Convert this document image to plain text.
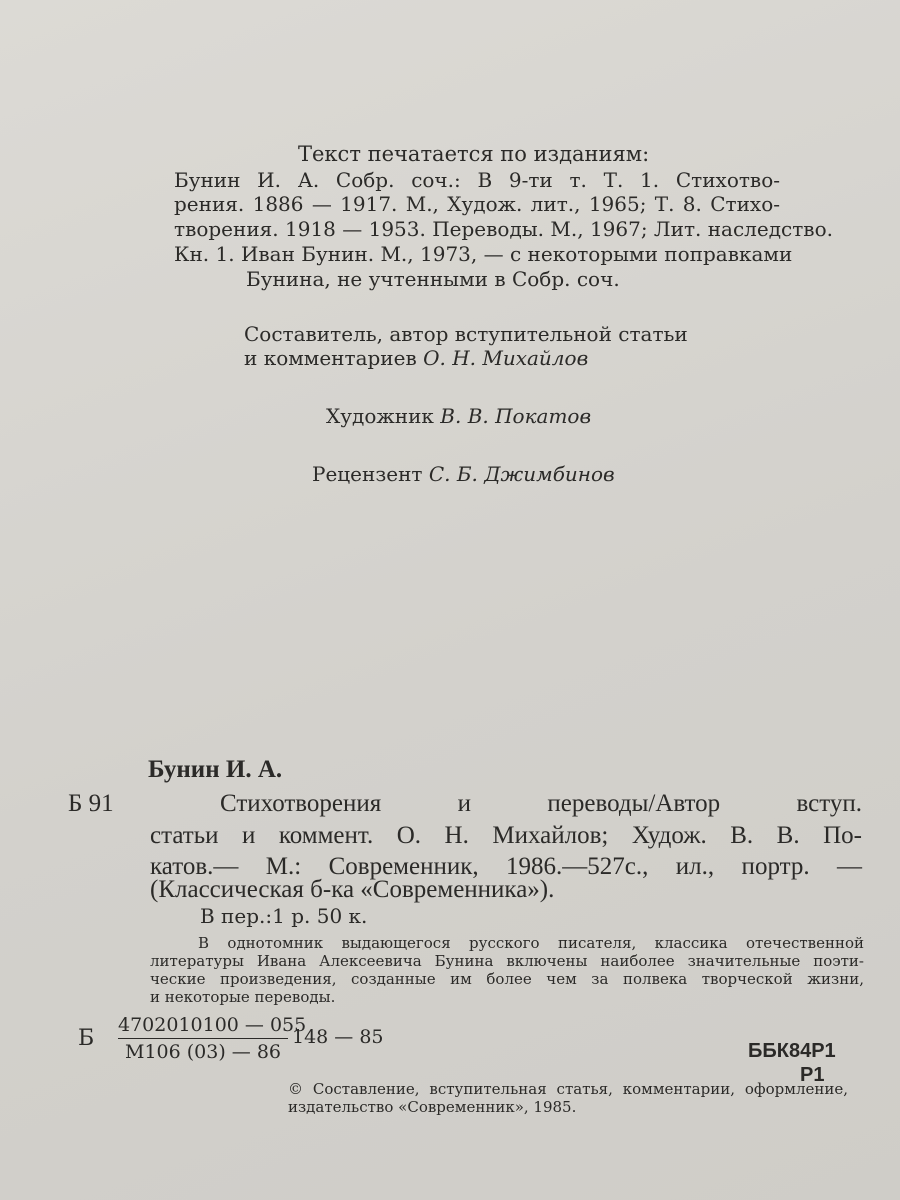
Текст печатается по изданиям:
Бунин И. А. Собр. соч.: В 9-ти т. Т. 1. Стихотво-
рения. 1886 — 1917. М., Худож. лит., 1965; Т. 8. Стихо-
творения. 1918 — 1953. Переводы. М., 1967; Лит. наследство.
Кн. 1. Иван Бунин. М., 1973, — с некоторыми поправками
Бунина, не учтенными в Собр. соч.
Составитель, автор вступительной статьи
и комментариев О. Н. Михайлов
Художник В. В. Покатов
Рецензент С. Б. Джимбинов
Бунин И. А.
Б 91	Стихотворения и переводы/Автор вступ.
статьи и коммент. О. Н. Михайлов; Худож. В. В. По-
катов.— М.: Современник, 1986.—527с., ил., портр. —
(Классическая б-ка «Современника»).
В пер.:1 р. 50 к.
В однотомник выдающегося русского писателя, классика отечественной
литературы Ивана Алексеевича Бунина включены наиболее значительные поэти-
ческие произведения, созданные им более чем за полвека творческой жизни,
и некоторые переводы.
Б
4702010100 — 055
М106 (03) — 86
148 — 85
ББК84Р1
Р1
© Составление, вступительная статья, комментарии, оформление,
издательство «Современник», 1985.
